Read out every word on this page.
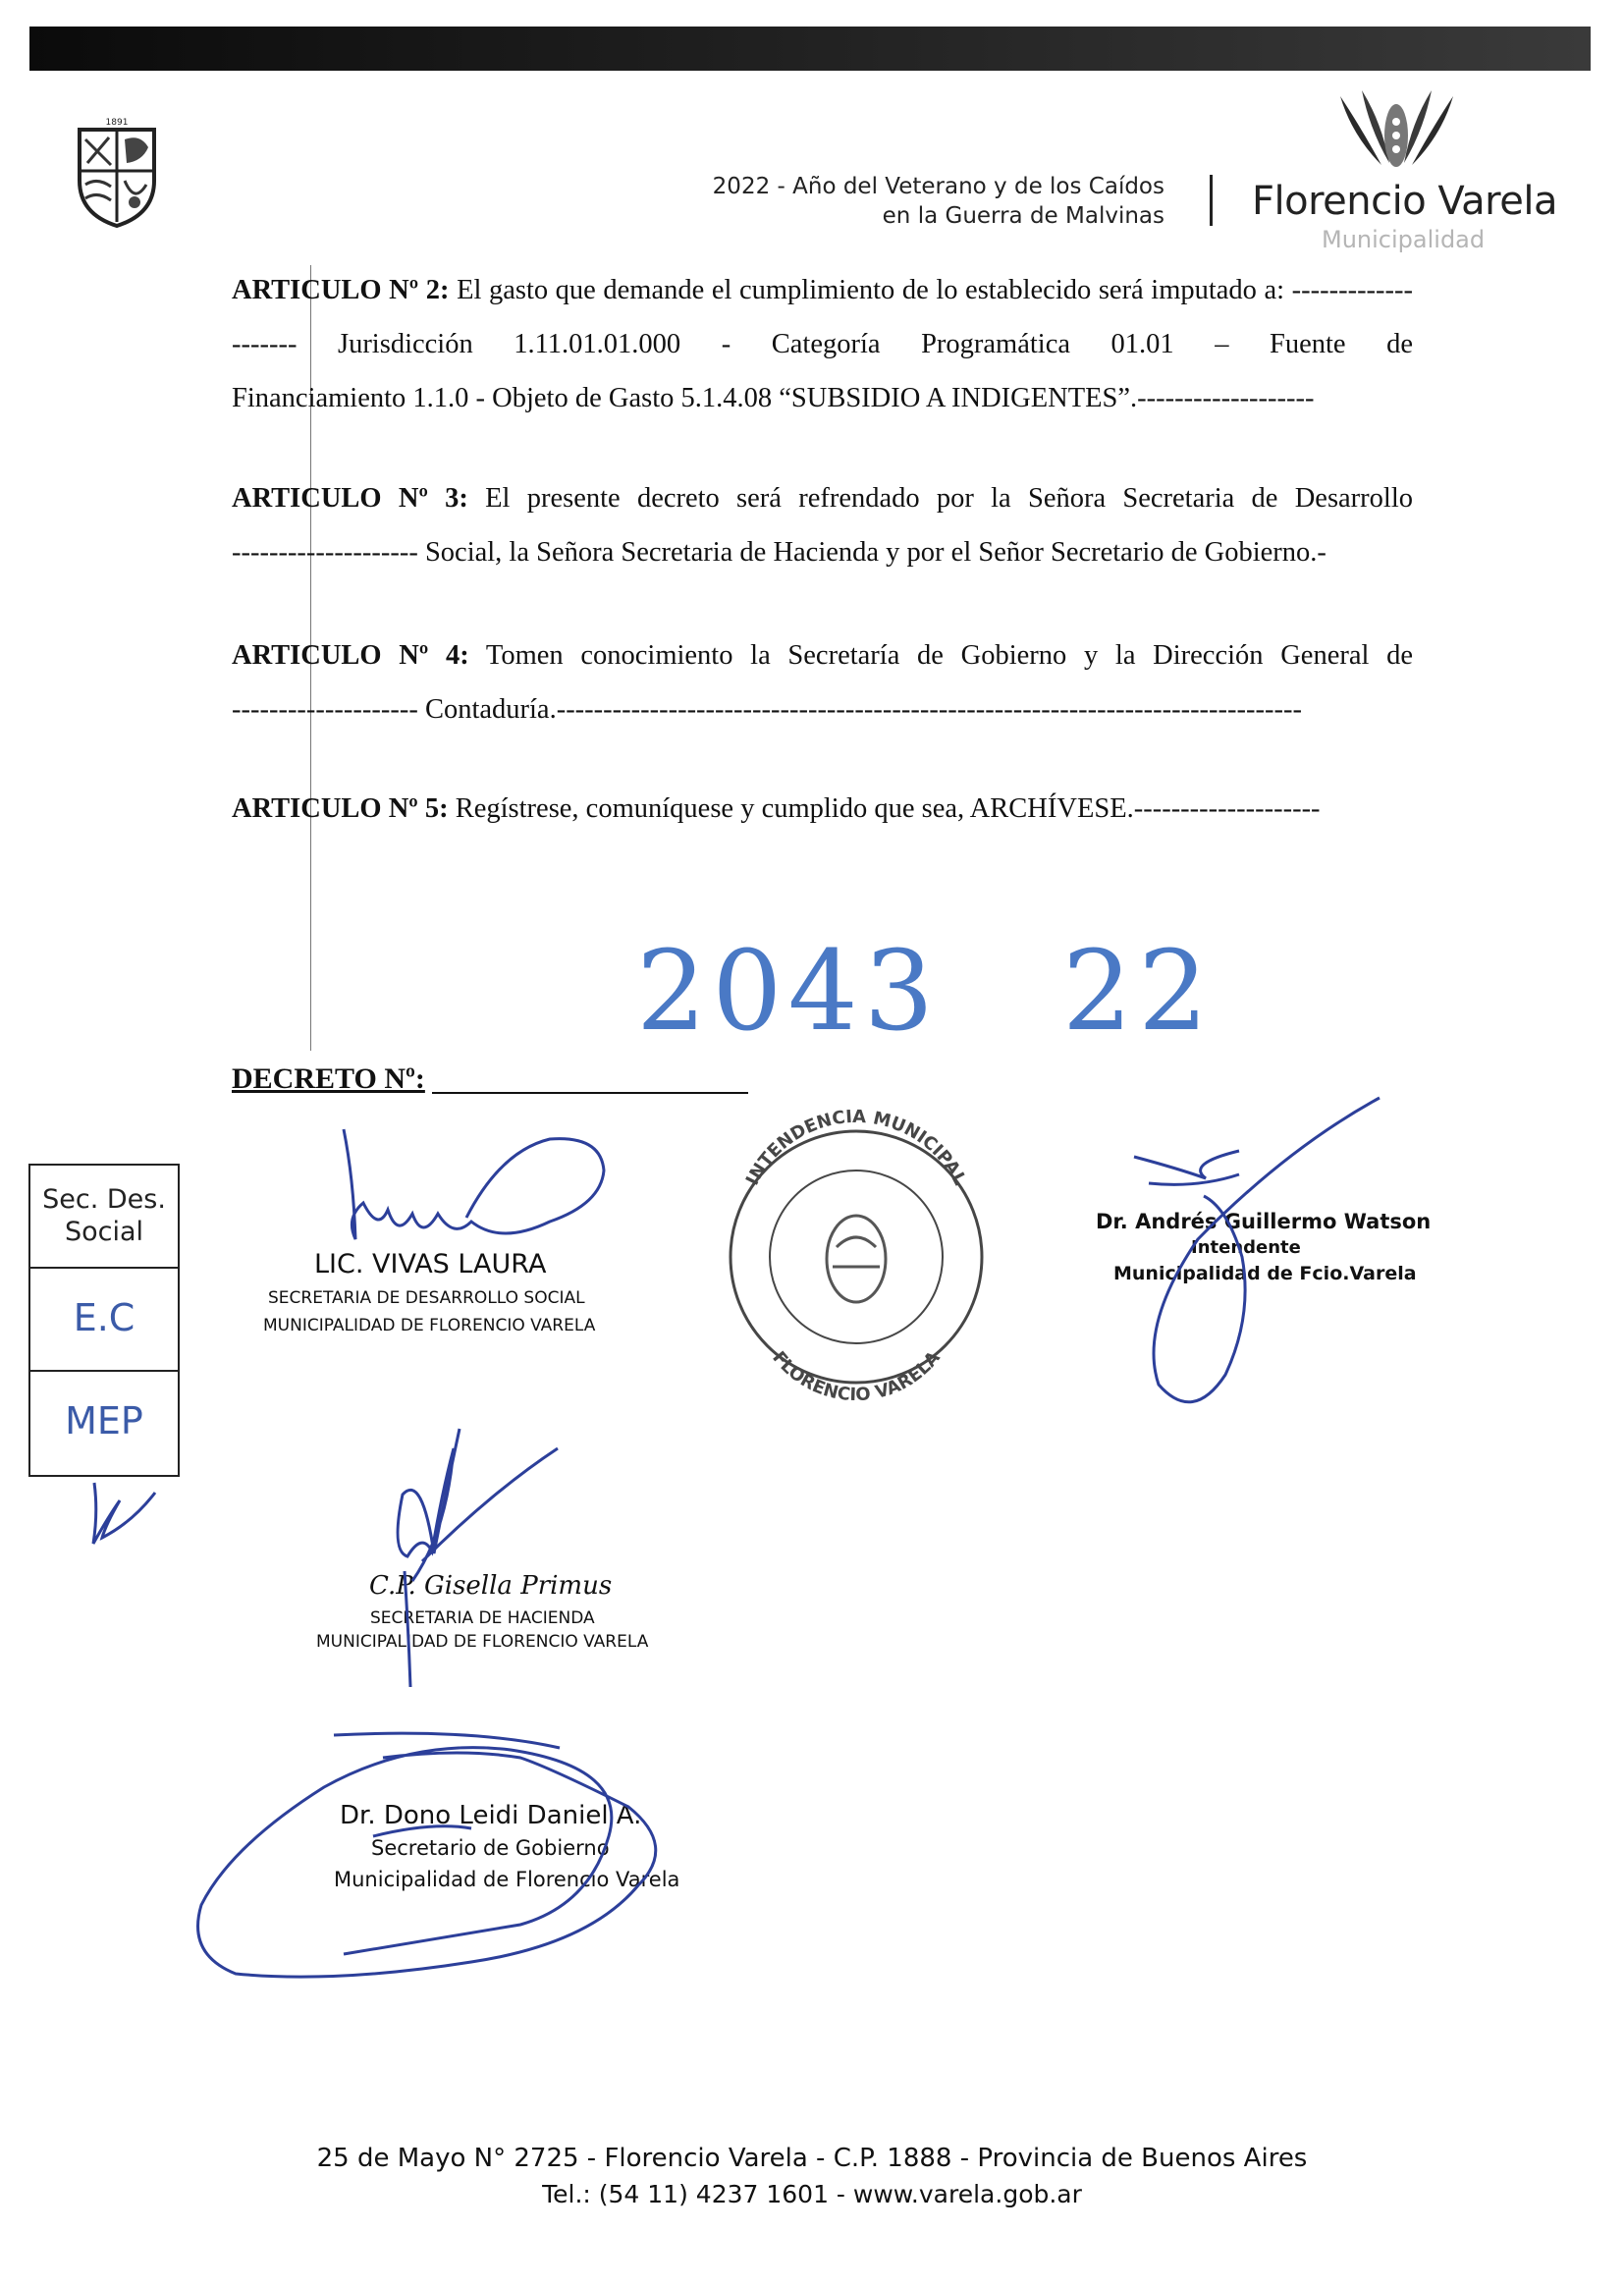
1891
2022 - Año del Veterano y de los Caídos
en la Guerra de Malvinas Florencio Varela
Municipalidad
ARTICULO Nº 2: El gasto que demande el cumplimiento de lo establecido será imputado a: -------------------- Jurisdicción 1.11.01.01.000 - Categoría Programática 01.01 – Fuente de
Financiamiento 1.1.0 - Objeto de Gasto 5.1.4.08 “SUBSIDIO A INDIGENTES”.-------------------
ARTICULO Nº 3: El presente decreto será refrendado por la Señora Secretaria de Desarrollo
-------------------- Social, la Señora Secretaria de Hacienda y por el Señor Secretario de Gobierno.-
ARTICULO Nº 4: Tomen conocimiento la Secretaría de Gobierno y la Dirección General de
-------------------- Contaduría.--------------------------------------------------------------------------------
ARTICULO Nº 5: Regístrese, comuníquese y cumplido que sea, ARCHÍVESE.--------------------
2043   22
DECRETO Nº:
Sec. Des. Social
E.C
MEP
LIC. VIVAS LAURA
SECRETARIA DE DESARROLLO SOCIAL
MUNICIPALIDAD DE FLORENCIO VARELA
Dr. Andrés Guillermo Watson
Intendente
Municipalidad de Fcio.Varela
C.P. Gisella Primus
SECRETARIA DE HACIENDA
MUNICIPALIDAD DE FLORENCIO VARELA
Dr. Dono Leidi Daniel A.
Secretario de Gobierno
Municipalidad de Florencio Varela
INTENDENCIA MUNICIPAL
FLORENCIO VARELA
25 de Mayo N° 2725 - Florencio Varela - C.P. 1888 - Provincia de Buenos Aires
Tel.: (54 11) 4237 1601 - www.varela.gob.ar
